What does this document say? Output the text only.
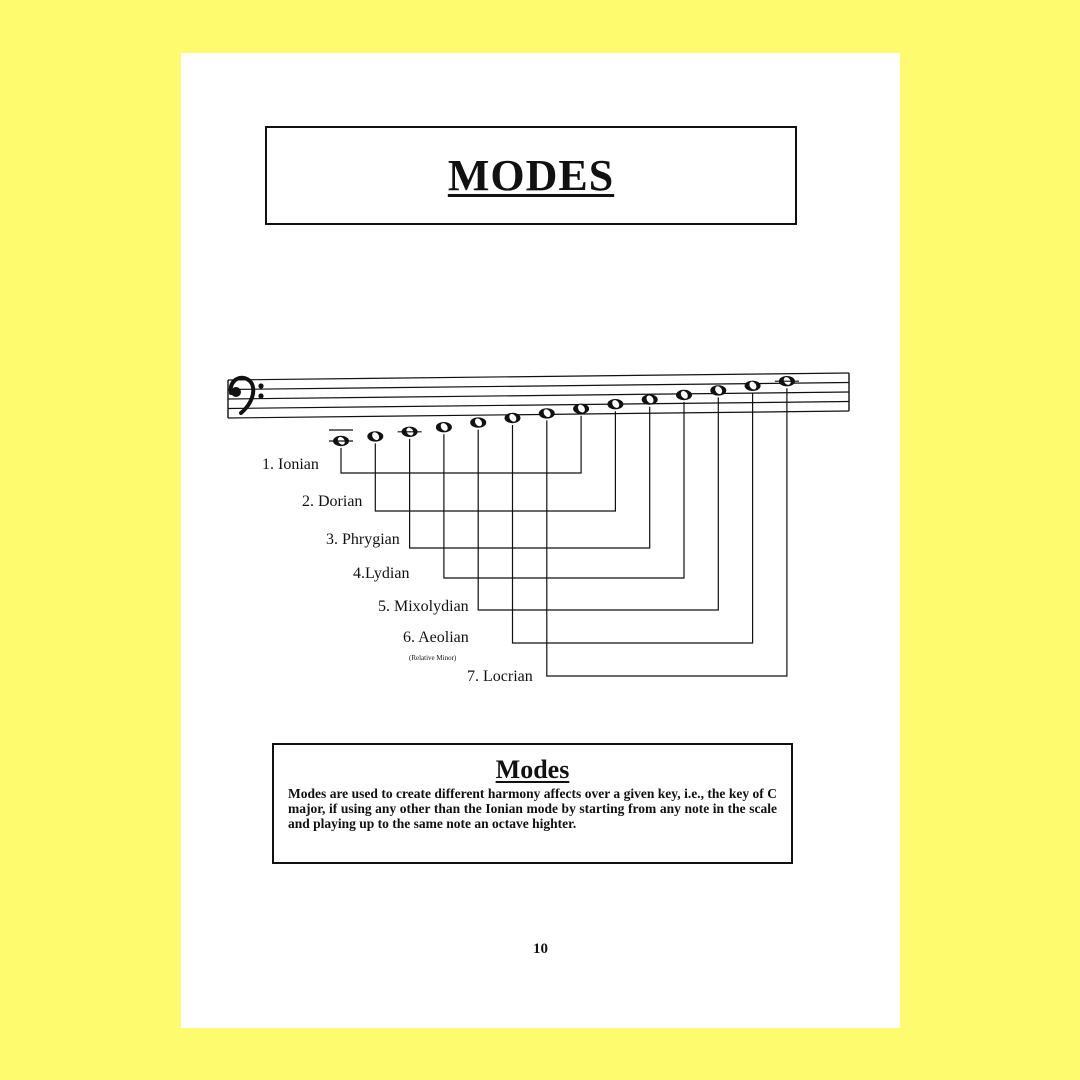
MODES
1. Ionian
2. Dorian
3. Phrygian
4.Lydian
5. Mixolydian
6. Aeolian
(Relative Minor)
7. Locrian
Modes

Modes are used to create different harmony affects over a given key, i.e., the key of C major, if using any other than the Ionian mode by starting from any note in the scale and playing up to the same note an octave highter.

10
